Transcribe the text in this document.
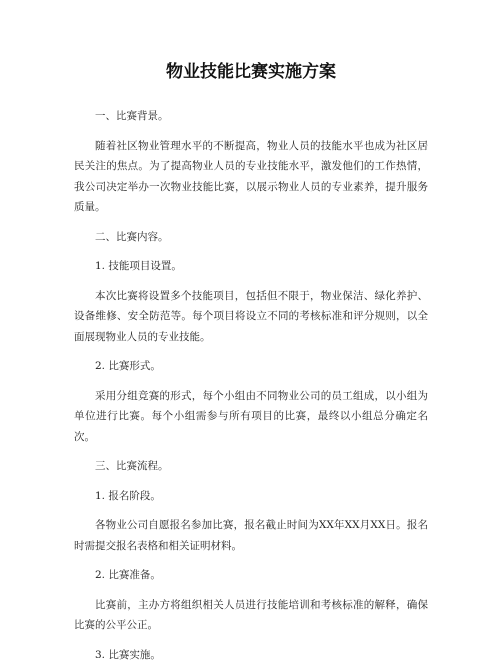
物业技能比赛实施方案

一、比赛背景。

随着社区物业管理水平的不断提高，物业人员的技能水平也成为社区居民关注的焦点。为了提高物业人员的专业技能水平，激发他们的工作热情，我公司决定举办一次物业技能比赛，以展示物业人员的专业素养，提升服务质量。

二、比赛内容。

1. 技能项目设置。

本次比赛将设置多个技能项目，包括但不限于，物业保洁、绿化养护、设备维修、安全防范等。每个项目将设立不同的考核标准和评分规则，以全面展现物业人员的专业技能。

2. 比赛形式。

采用分组竞赛的形式，每个小组由不同物业公司的员工组成，以小组为单位进行比赛。每个小组需参与所有项目的比赛，最终以小组总分确定名次。

三、比赛流程。

1. 报名阶段。

各物业公司自愿报名参加比赛，报名截止时间为XX年XX月XX日。报名时需提交报名表格和相关证明材料。

2. 比赛准备。

比赛前，主办方将组织相关人员进行技能培训和考核标准的解释，确保比赛的公平公正。

3. 比赛实施。
